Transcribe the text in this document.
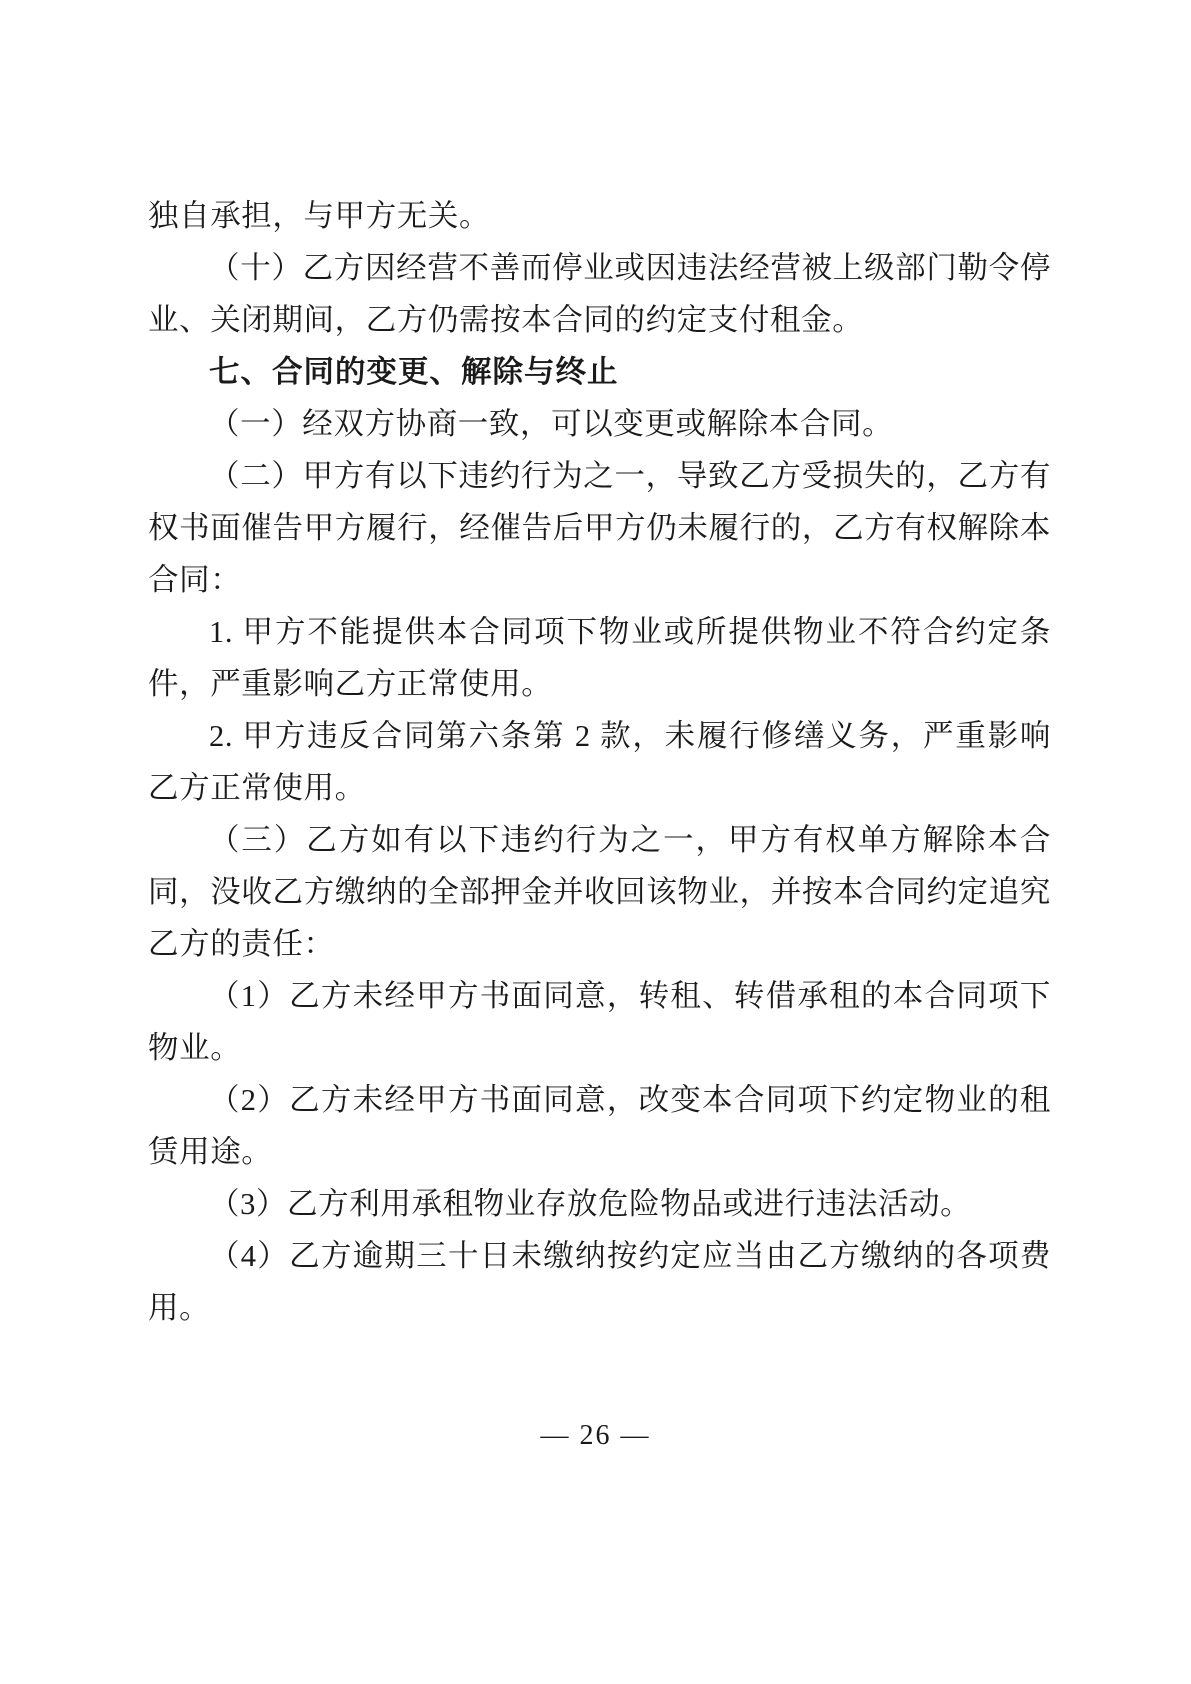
独自承担，与甲方无关。

（十）乙方因经营不善而停业或因违法经营被上级部门勒令停业、关闭期间，乙方仍需按本合同的约定支付租金。

七、合同的变更、解除与终止

（一）经双方协商一致，可以变更或解除本合同。

（二）甲方有以下违约行为之一，导致乙方受损失的，乙方有权书面催告甲方履行，经催告后甲方仍未履行的，乙方有权解除本合同：

1. 甲方不能提供本合同项下物业或所提供物业不符合约定条件，严重影响乙方正常使用。

2. 甲方违反合同第六条第 2 款，未履行修缮义务，严重影响乙方正常使用。

（三）乙方如有以下违约行为之一，甲方有权单方解除本合同，没收乙方缴纳的全部押金并收回该物业，并按本合同约定追究乙方的责任：

（1）乙方未经甲方书面同意，转租、转借承租的本合同项下物业。

（2）乙方未经甲方书面同意，改变本合同项下约定物业的租赁用途。

（3）乙方利用承租物业存放危险物品或进行违法活动。

（4）乙方逾期三十日未缴纳按约定应当由乙方缴纳的各项费用。

— 26 —
